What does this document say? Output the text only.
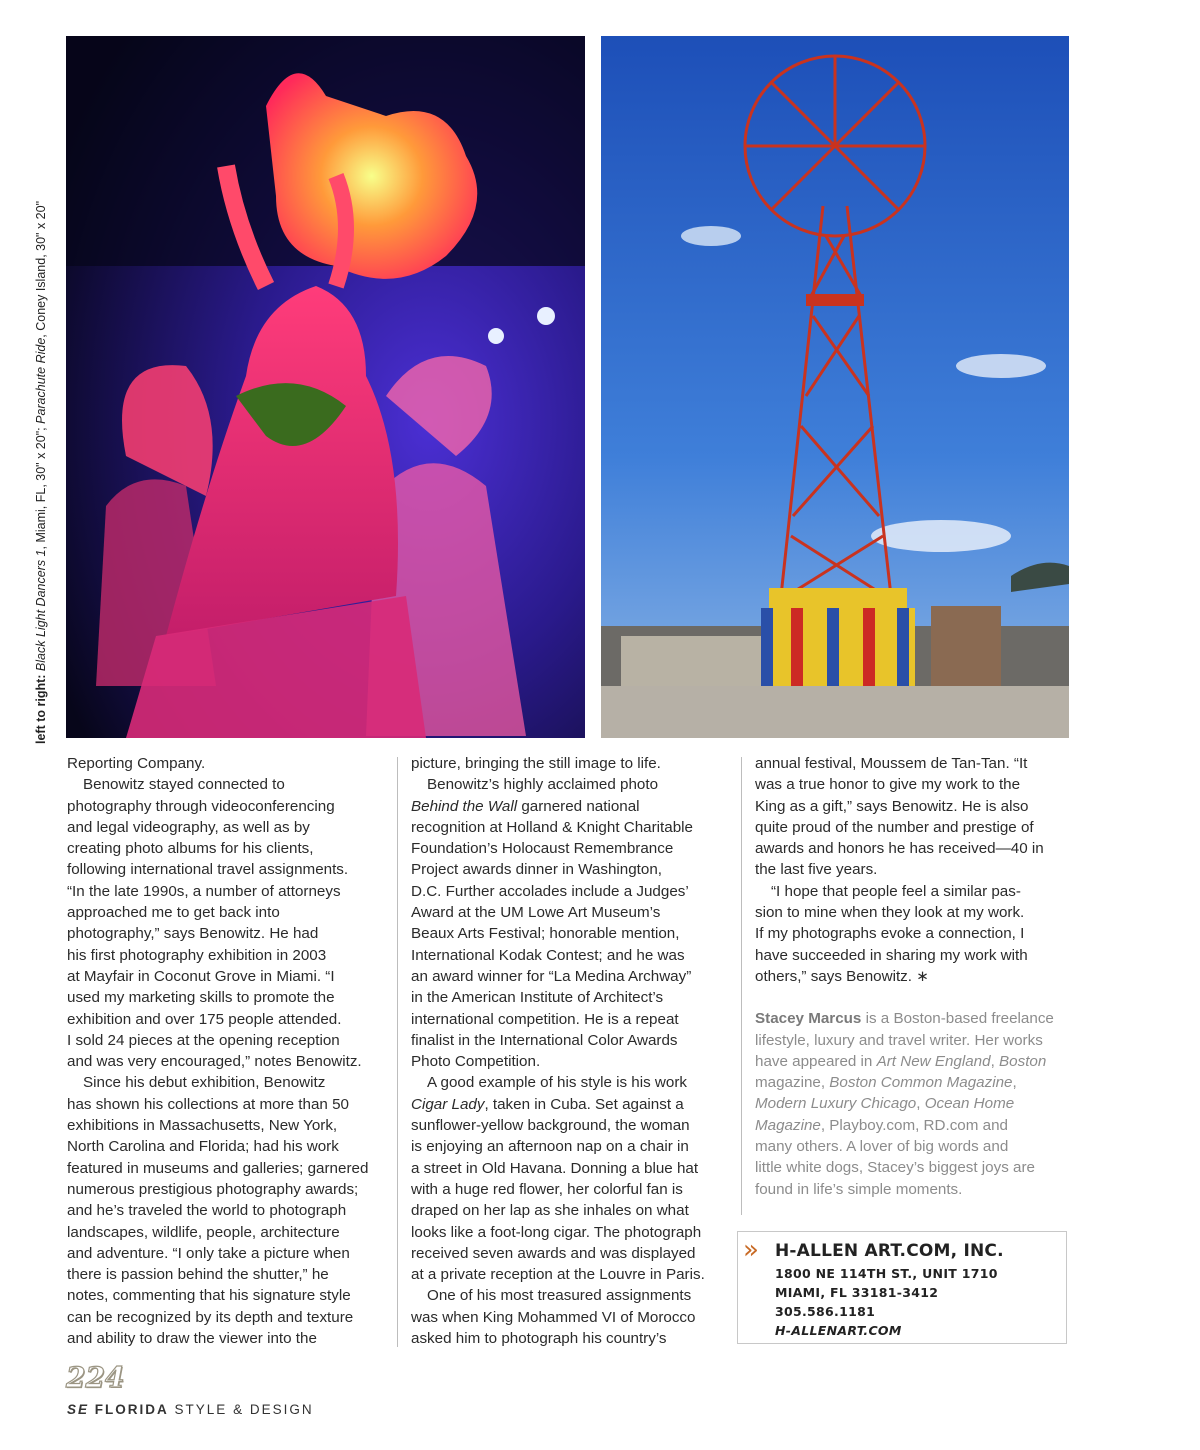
left to right: Black Light Dancers 1, Miami, FL, 30" x 20"; Parachute Ride, Coney Island, 30" x 20"
Reporting Company.
Benowitz stayed connected to
photography through videoconferencing
and legal videography, as well as by
creating photo albums for his clients,
following international travel assignments.
“In the late 1990s, a number of attorneys
approached me to get back into
photography,” says Benowitz. He had
his first photography exhibition in 2003
at Mayfair in Coconut Grove in Miami. “I
used my marketing skills to promote the
exhibition and over 175 people attended.
I sold 24 pieces at the opening reception
and was very encouraged,” notes Benowitz.
Since his debut exhibition, Benowitz
has shown his collections at more than 50
exhibitions in Massachusetts, New York,
North Carolina and Florida; had his work
featured in museums and galleries; garnered
numerous prestigious photography awards;
and he’s traveled the world to photograph
landscapes, wildlife, people, architecture
and adventure. “I only take a picture when
there is passion behind the shutter,” he
notes, commenting that his signature style
can be recognized by its depth and texture
and ability to draw the viewer into the
picture, bringing the still image to life.
Benowitz’s highly acclaimed photo
Behind the Wall garnered national
recognition at Holland & Knight Charitable
Foundation’s Holocaust Remembrance
Project awards dinner in Washington,
D.C. Further accolades include a Judges’
Award at the UM Lowe Art Museum’s
Beaux Arts Festival; honorable mention,
International Kodak Contest; and he was
an award winner for “La Medina Archway”
in the American Institute of Architect’s
international competition. He is a repeat
finalist in the International Color Awards
Photo Competition.
A good example of his style is his work
Cigar Lady, taken in Cuba. Set against a
sunflower-yellow background, the woman
is enjoying an afternoon nap on a chair in
a street in Old Havana. Donning a blue hat
with a huge red flower, her colorful fan is
draped on her lap as she inhales on what
looks like a foot-long cigar. The photograph
received seven awards and was displayed
at a private reception at the Louvre in Paris.
One of his most treasured assignments
was when King Mohammed VI of Morocco
asked him to photograph his country’s
annual festival, Moussem de Tan-Tan. “It
was a true honor to give my work to the
King as a gift,” says Benowitz. He is also
quite proud of the number and prestige of
awards and honors he has received—40 in
the last five years.
“I hope that people feel a similar pas-
sion to mine when they look at my work.
If my photographs evoke a connection, I
have succeeded in sharing my work with
others,” says Benowitz. ∗
Stacey Marcus is a Boston-based freelance
lifestyle, luxury and travel writer. Her works
have appeared in Art New England, Boston
magazine, Boston Common Magazine,
Modern Luxury Chicago, Ocean Home
Magazine, Playboy.com, RD.com and
many others. A lover of big words and
little white dogs, Stacey’s biggest joys are
found in life’s simple moments.
» H-ALLEN ART.COM, INC.
1800 NE 114TH ST., UNIT 1710
MIAMI, FL 33181-3412
305.586.1181
H-ALLENART.COM
224
SE FLORIDA STYLE & DESIGN
